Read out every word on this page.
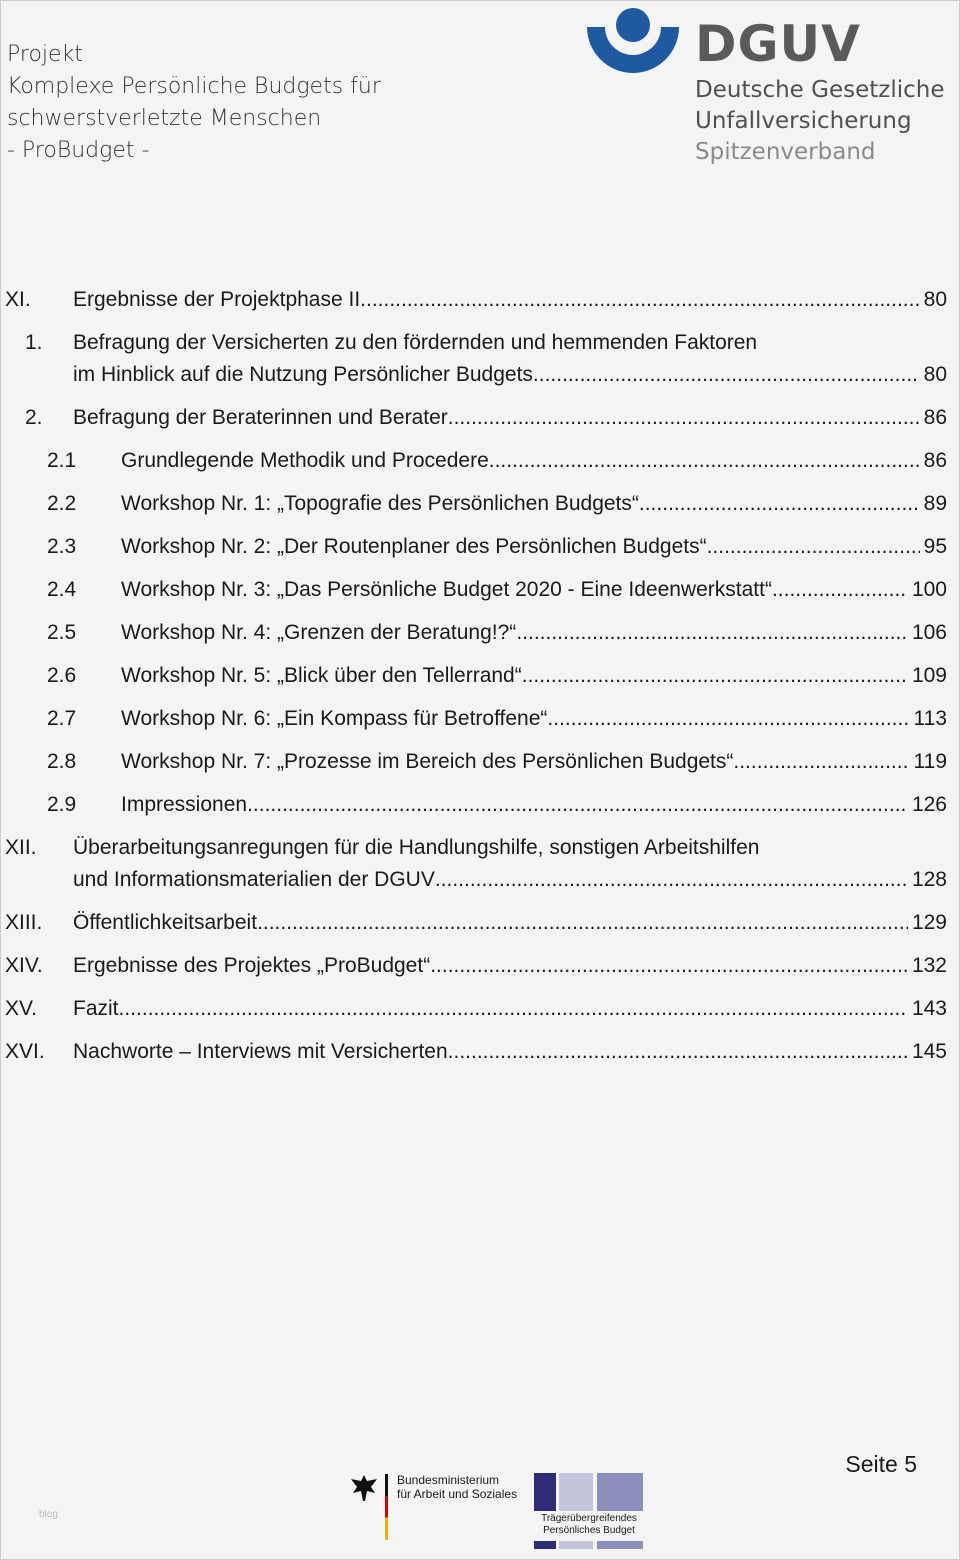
Projekt
Komplexe Persönliche Budgets für
schwerstverletzte Menschen
- ProBudget -
DGUV
Deutsche Gesetzliche
Unfallversicherung
Spitzenverband
XI. Ergebnisse der Projektphase II .....	80
1. Befragung der Versicherten zu den fördernden und hemmenden Faktoren
im Hinblick auf die Nutzung Persönlicher Budgets .....	80
2. Befragung der Beraterinnen und Berater .....	86
2.1 Grundlegende Methodik und Procedere .....	86
2.2 Workshop Nr. 1: „Topografie des Persönlichen Budgets“ .....	89
2.3 Workshop Nr. 2: „Der Routenplaner des Persönlichen Budgets“ .....	95
2.4 Workshop Nr. 3: „Das Persönliche Budget 2020 - Eine Ideenwerkstatt“ .....	100
2.5 Workshop Nr. 4: „Grenzen der Beratung!?“ .....	106
2.6 Workshop Nr. 5: „Blick über den Tellerrand“ .....	109
2.7 Workshop Nr. 6: „Ein Kompass für Betroffene“ .....	113
2.8 Workshop Nr. 7: „Prozesse im Bereich des Persönlichen Budgets“ .....	119
2.9 Impressionen .....	126
XII. Überarbeitungsanregungen für die Handlungshilfe, sonstigen Arbeitshilfen
und Informationsmaterialien der DGUV .....	128
XIII. Öffentlichkeitsarbeit .....	129
XIV. Ergebnisse des Projektes „ProBudget“ .....	132
XV. Fazit .....	143
XVI. Nachworte – Interviews mit Versicherten .....	145
Seite 5
blog
Bundesministerium
für Arbeit und Soziales
Trägerübergreifendes
Persönliches Budget
